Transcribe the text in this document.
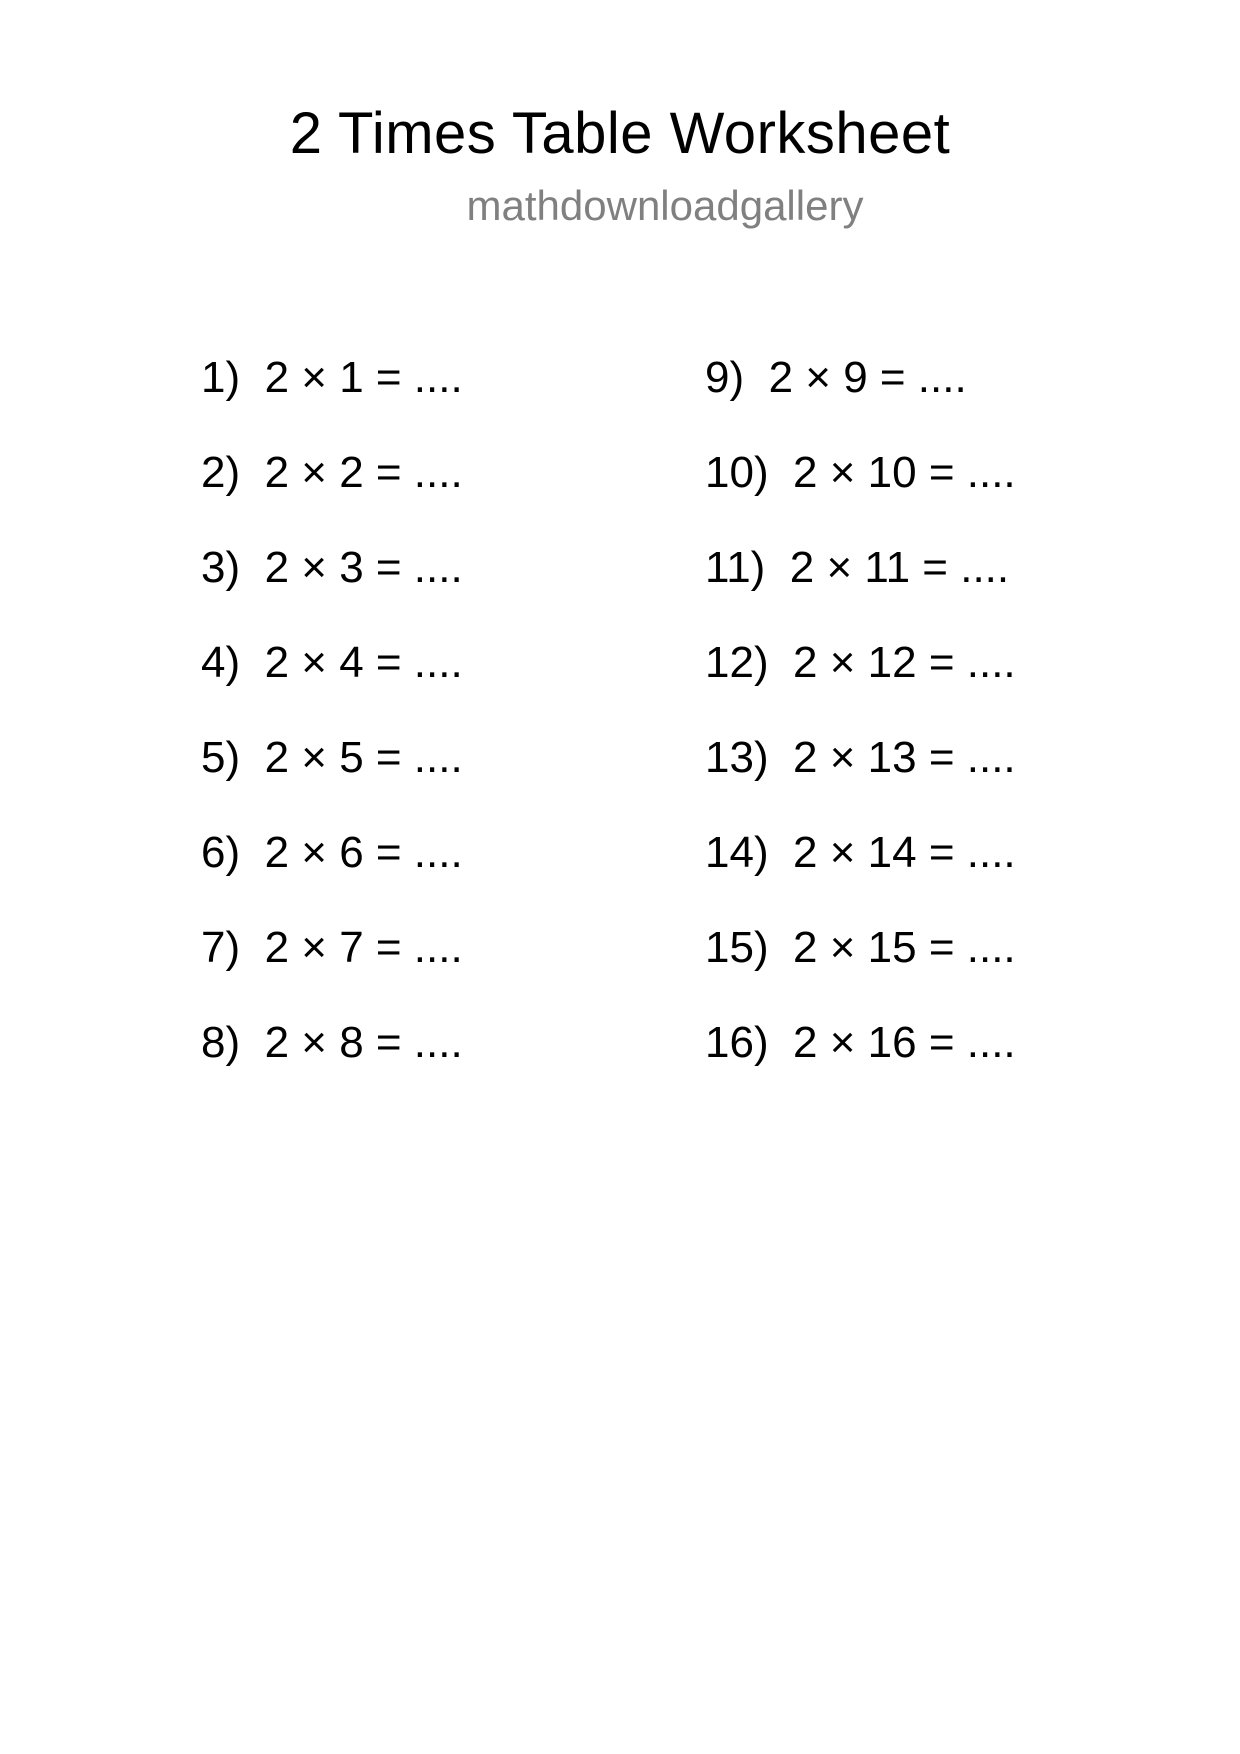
2 Times Table Worksheet
mathdownloadgallery
1)  2 × 1 = ....
2)  2 × 2 = ....
3)  2 × 3 = ....
4)  2 × 4 = ....
5)  2 × 5 = ....
6)  2 × 6 = ....
7)  2 × 7 = ....
8)  2 × 8 = ....
9)  2 × 9 = ....
10)  2 × 10 = ....
11)  2 × 11 = ....
12)  2 × 12 = ....
13)  2 × 13 = ....
14)  2 × 14 = ....
15)  2 × 15 = ....
16)  2 × 16 = ....
